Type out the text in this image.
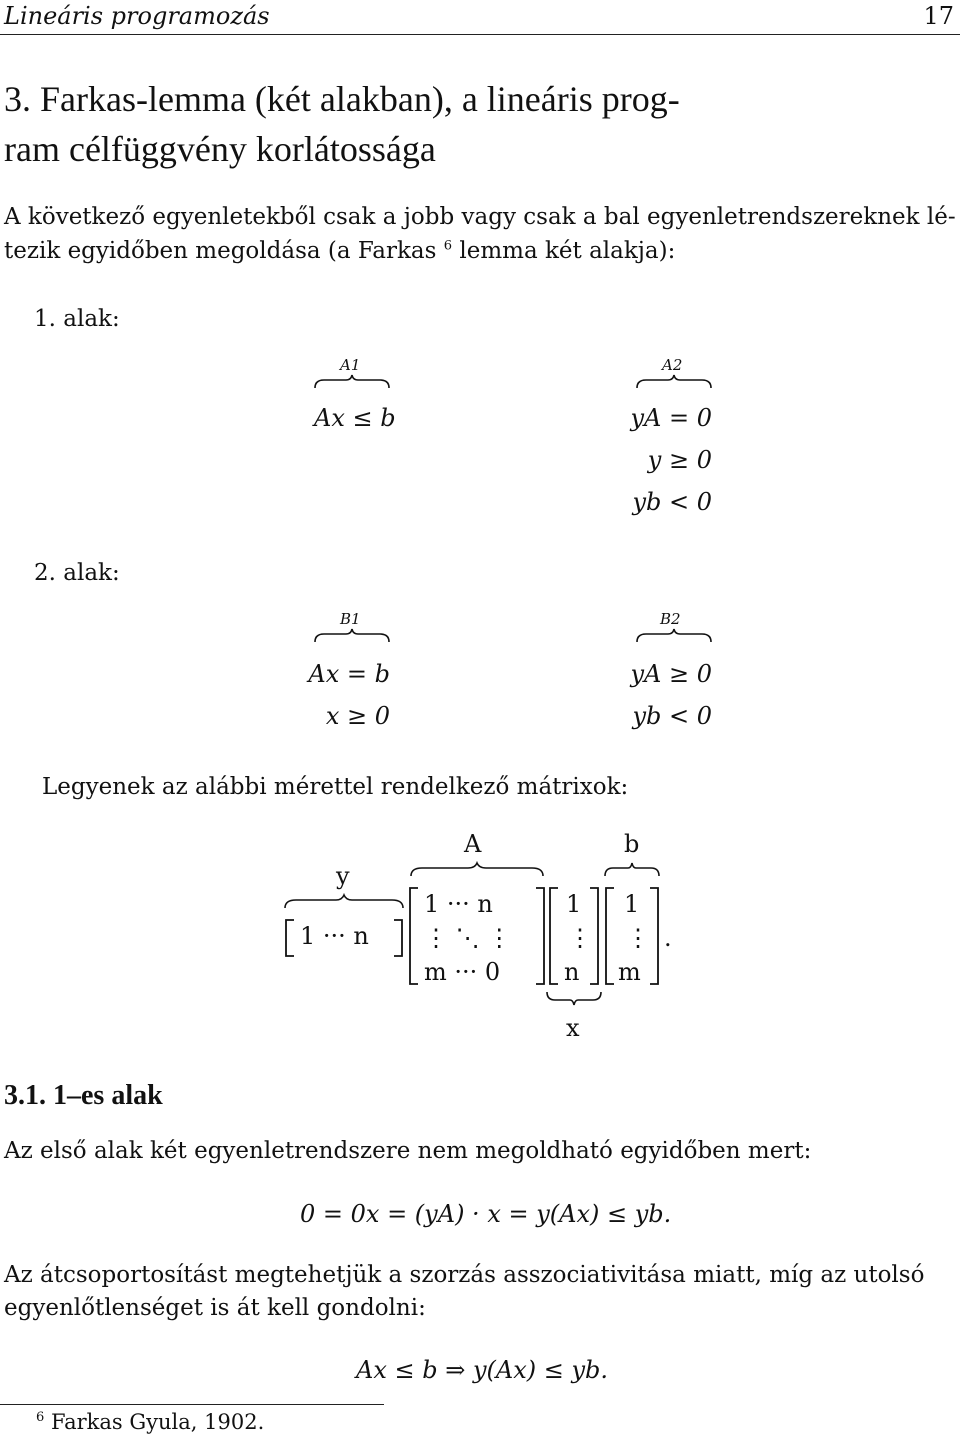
Lineáris programozás	17
3. Farkas-lemma (két alakban), a lineáris prog-
ram célfüggvény korlátossága
A következő egyenletekből csak a jobb vagy csak a bal egyenletrendszereknek lé-
tezik egyidőben megoldása (a Farkas $^6$ lemma két alakja):
1. alak:
A1
Ax ≤ b
A2
yA = 0
y ≥ 0
yb < 0
2. alak:
B1
Ax = b
x ≥ 0
B2
yA ≥ 0
yb < 0
Legyenek az alábbi mérettel rendelkező mátrixok:
y
1 ··· n
A
1 ··· n
⋮ ⋱ ⋮
m ··· 0
1
⋮
n
x
b
1
⋮
m
.
3.1. 1–es alak
Az első alak két egyenletrendszere nem megoldható egyidőben mert:
0 = 0x = (yA) · x = y(Ax) ≤ yb.
Az átcsoportosítást megtehetjük a szorzás asszociativitása miatt, míg az utolsó
egyenlőtlenséget is át kell gondolni:
Ax ≤ b ⇒ y(Ax) ≤ yb.
$^6$ Farkas Gyula, 1902.
